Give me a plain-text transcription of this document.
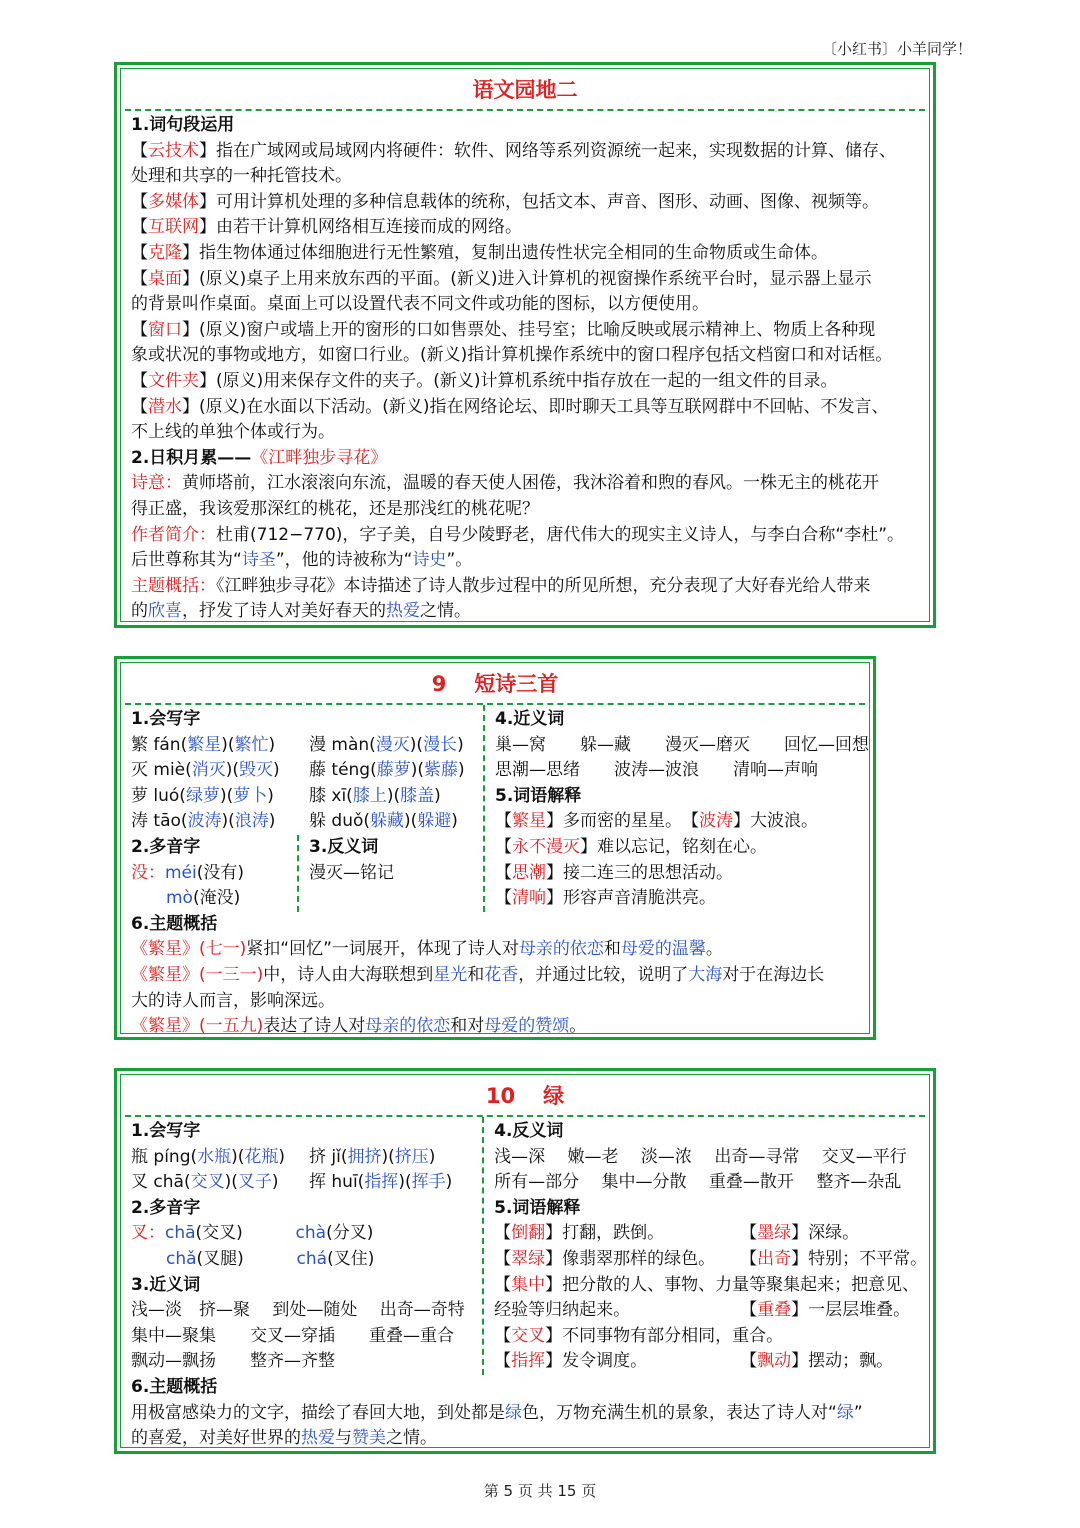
〔小红书〕小羊同学！
语文园地二
1.词句段运用
【云技术】指在广域网或局域网内将硬件：软件、网络等系列资源统一起来，实现数据的计算、储存、
处理和共享的一种托管技术。
【多媒体】可用计算机处理的多种信息载体的统称，包括文本、声音、图形、动画、图像、视频等。
【互联网】由若干计算机网络相互连接而成的网络。
【克隆】指生物体通过体细胞进行无性繁殖，复制出遗传性状完全相同的生命物质或生命体。
【桌面】(原义)桌子上用来放东西的平面。(新义)进入计算机的视窗操作系统平台时，显示器上显示
的背景叫作桌面。桌面上可以设置代表不同文件或功能的图标，以方便使用。
【窗口】(原义)窗户或墙上开的窗形的口如售票处、挂号室；比喻反映或展示精神上、物质上各种现
象或状况的事物或地方，如窗口行业。(新义)指计算机操作系统中的窗口程序包括文档窗口和对话框。
【文件夹】(原义)用来保存文件的夹子。(新义)计算机系统中指存放在一起的一组文件的目录。
【潜水】(原义)在水面以下活动。(新义)指在网络论坛、即时聊天工具等互联网群中不回帖、不发言、
不上线的单独个体或行为。
2.日积月累——《江畔独步寻花》
诗意：黄师塔前，江水滚滚向东流，温暖的春天使人困倦，我沐浴着和煦的春风。一株无主的桃花开
得正盛，我该爱那深红的桃花，还是那浅红的桃花呢？
作者简介：杜甫(712−770)，字子美，自号少陵野老，唐代伟大的现实主义诗人，与李白合称“李杜”。
后世尊称其为“诗圣”，他的诗被称为“诗史”。
主题概括：《江畔独步寻花》本诗描述了诗人散步过程中的所见所想，充分表现了大好春光给人带来
的欣喜，抒发了诗人对美好春天的热爱之情。
9 短诗三首
1.会写字
繁 fán(繁星)(繁忙) 漫 màn(漫灭)(漫长)
灭 miè(消灭)(毁灭) 藤 téng(藤萝)(紫藤)
萝 luó(绿萝)(萝卜) 膝 xī(膝上)(膝盖)
涛 tāo(波涛)(浪涛) 躲 duǒ(躲藏)(躲避)
2.多音字
没：méi(没有)
mò(淹没)
3.反义词
漫灭—铭记
4.近义词
巢—窝　　躲—藏　　漫灭—磨灭　　回忆—回想
思潮—思绪　　波涛—波浪　　清响—声响
5.词语解释
【繁星】多而密的星星。　【波涛】大波浪。
【永不漫灭】难以忘记，铭刻在心。
【思潮】接二连三的思想活动。
【清响】形容声音清脆洪亮。
6.主题概括
《繁星》(七一)紧扣“回忆”一词展开，体现了诗人对母亲的依恋和母爱的温馨。
《繁星》(一三一)中，诗人由大海联想到星光和花香，并通过比较，说明了大海对于在海边长
大的诗人而言，影响深远。
《繁星》(一五九)表达了诗人对母亲的依恋和对母爱的赞颂。
10 绿
1.会写字
瓶 píng(水瓶)(花瓶) 挤 jǐ(拥挤)(挤压)
叉 chā(交叉)(叉子) 挥 huī(指挥)(挥手)
2.多音字
叉：chā(交叉)	chà(分叉)
chǎ(叉腿)	chá(叉住)
3.近义词
浅—淡　挤—聚　 到处—随处　 出奇—奇特
集中—聚集　　交叉—穿插　　重叠—重合
飘动—飘扬　　整齐—齐整
4.反义词
浅—深　 嫩—老　 淡—浓　 出奇—寻常　 交叉—平行
所有—部分　 集中—分散　 重叠—散开　 整齐—杂乱
5.词语解释
【倒翻】打翻，跌倒。	【墨绿】深绿。
【翠绿】像翡翠那样的绿色。 【出奇】特别；不平常。
【集中】把分散的人、事物、力量等聚集起来；把意见、
经验等归纳起来。	【重叠】一层层堆叠。
【交叉】不同事物有部分相同，重合。
【指挥】发令调度。	【飘动】摆动；飘。
6.主题概括
用极富感染力的文字，描绘了春回大地，到处都是绿色，万物充满生机的景象，表达了诗人对“绿”
的喜爱，对美好世界的热爱与赞美之情。
第 5 页 共 15 页
